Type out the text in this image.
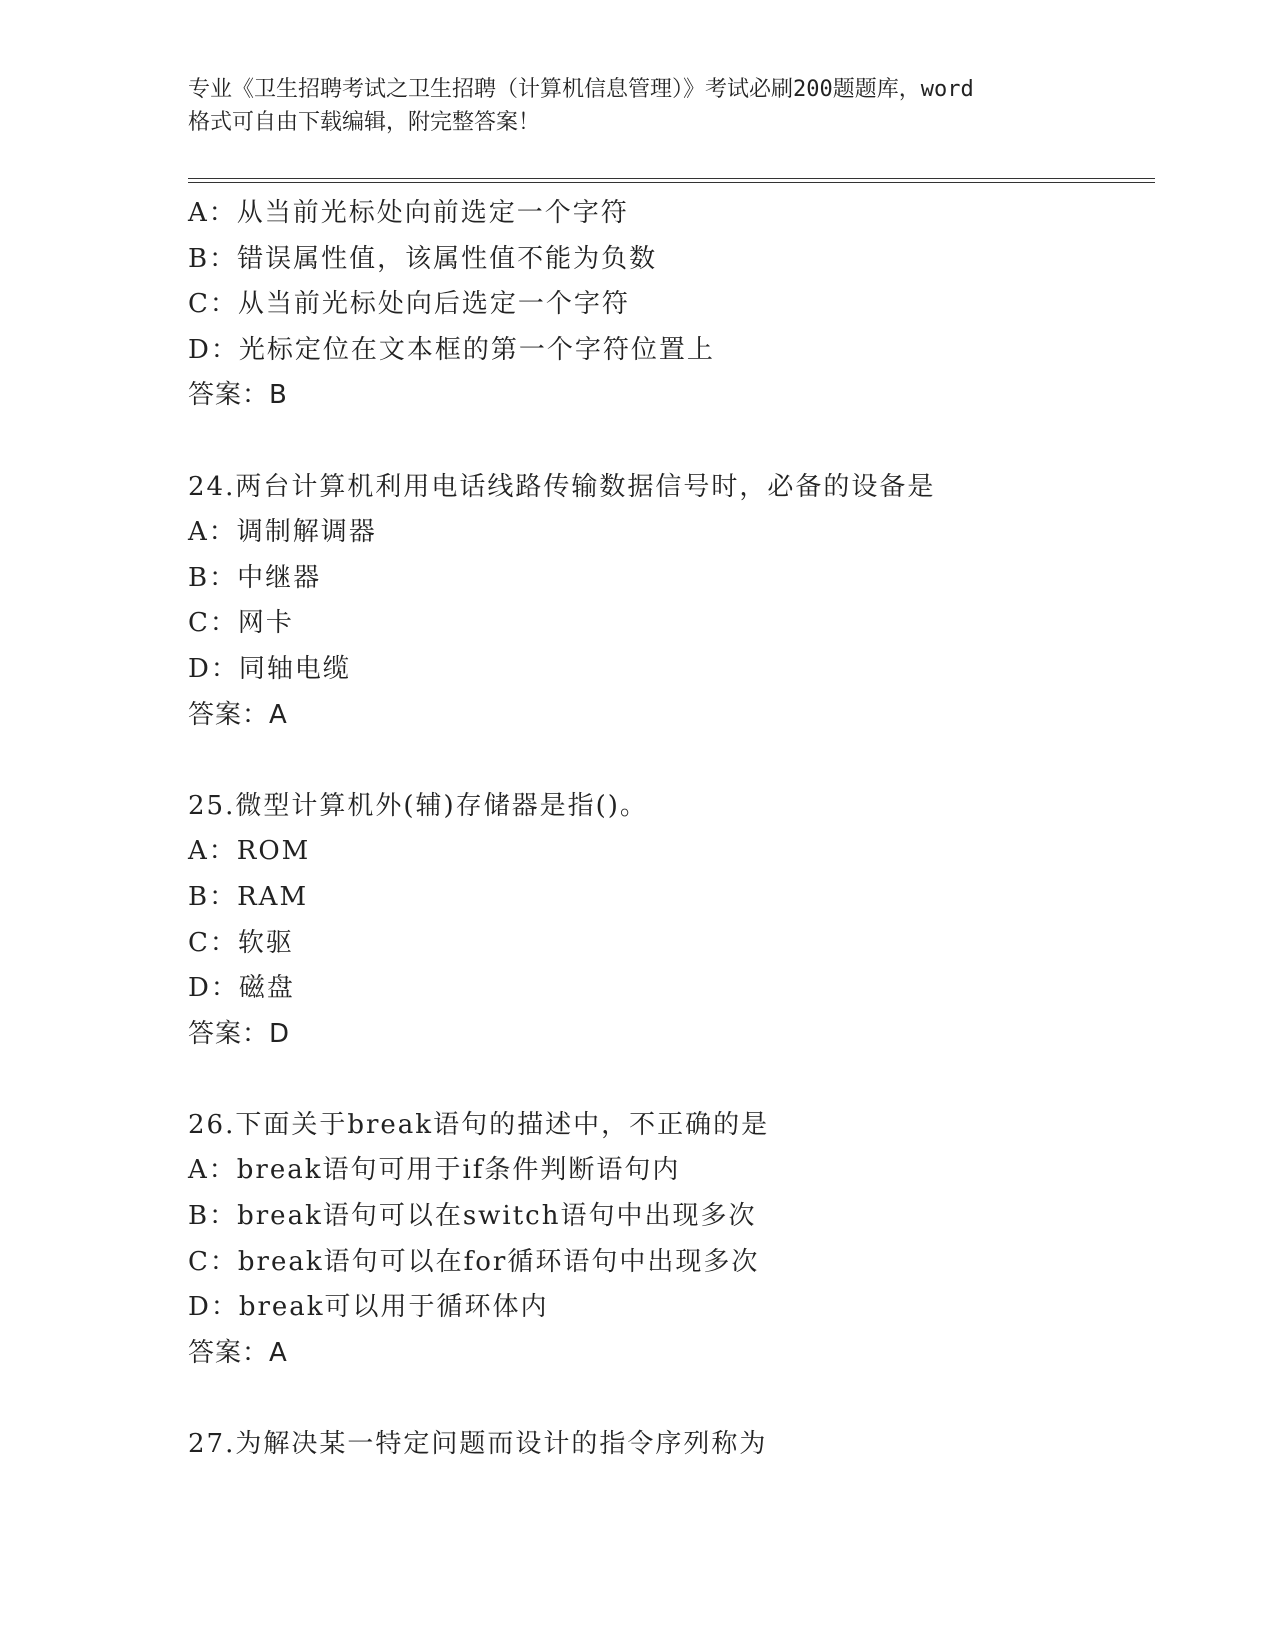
专业《卫生招聘考试之卫生招聘（计算机信息管理）》考试必刷200题题库，word
格式可自由下载编辑，附完整答案！
A：从当前光标处向前选定一个字符
B：错误属性值，该属性值不能为负数
C：从当前光标处向后选定一个字符
D：光标定位在文本框的第一个字符位置上
答案：B
24.两台计算机利用电话线路传输数据信号时，必备的设备是
A：调制解调器
B：中继器
C：网卡
D：同轴电缆
答案：A
25.微型计算机外(辅)存储器是指()。
A：ROM
B：RAM
C：软驱
D：磁盘
答案：D
26.下面关于break语句的描述中，不正确的是
A：break语句可用于if条件判断语句内
B：break语句可以在switch语句中出现多次
C：break语句可以在for循环语句中出现多次
D：break可以用于循环体内
答案：A
27.为解决某一特定问题而设计的指令序列称为
